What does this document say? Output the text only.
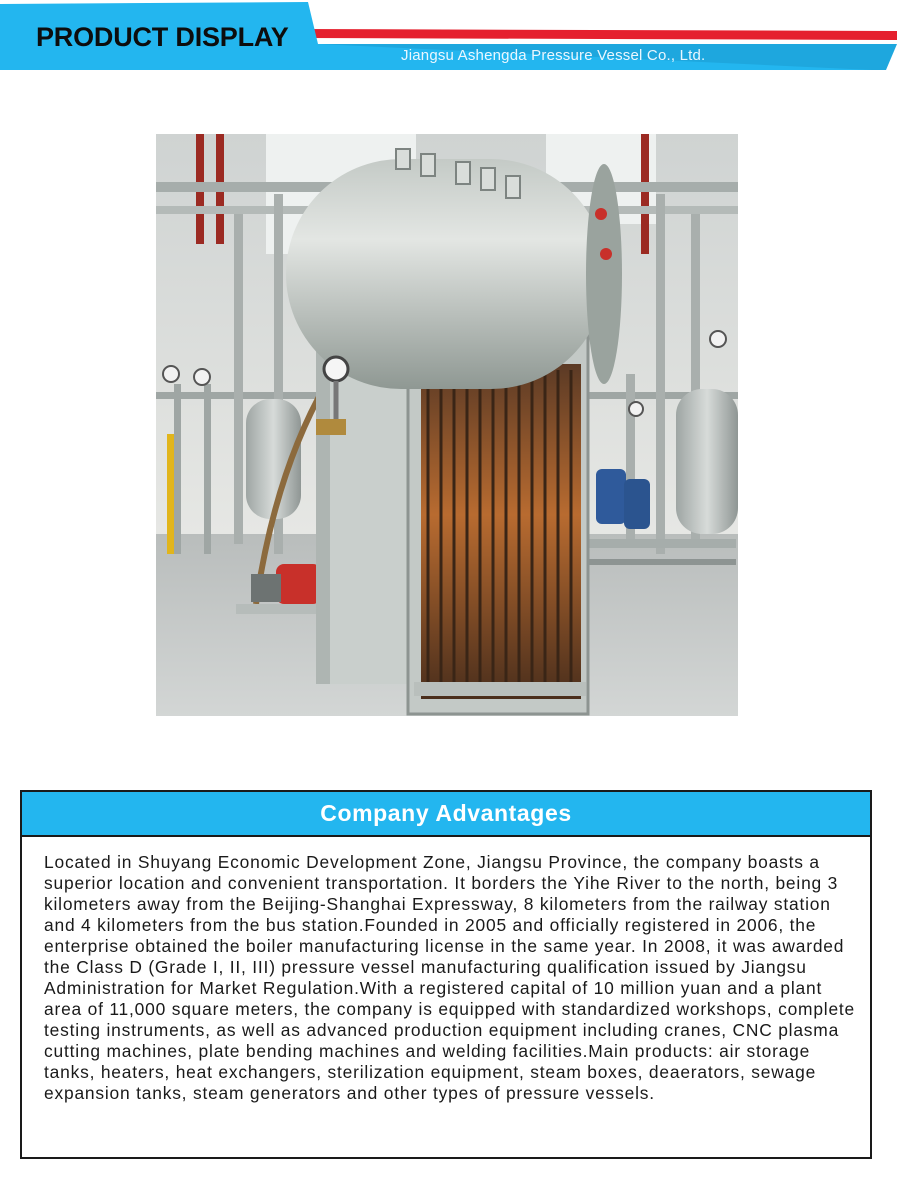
PRODUCT DISPLAY
Jiangsu Ashengda Pressure Vessel Co., Ltd.
Company Advantages

Located in Shuyang Economic Development Zone, Jiangsu Province, the company boasts a superior location and convenient transportation. It borders the Yihe River to the north, being 3 kilometers away from the Beijing-Shanghai Expressway, 8 kilometers from the railway station and 4 kilometers from the bus station.Founded in 2005 and officially registered in 2006, the enterprise obtained the boiler manufacturing license in the same year. In 2008, it was awarded the Class D (Grade I, II, III) pressure vessel manufacturing qualification issued by Jiangsu Administration for Market Regulation.With a registered capital of 10 million yuan and a plant area of 11,000 square meters, the company is equipped with standardized workshops, complete testing instruments, as well as advanced production equipment including cranes, CNC plasma cutting machines, plate bending machines and welding facilities.Main products: air storage tanks, heaters, heat exchangers, sterilization equipment, steam boxes, deaerators, sewage expansion tanks, steam generators and other types of pressure vessels.
